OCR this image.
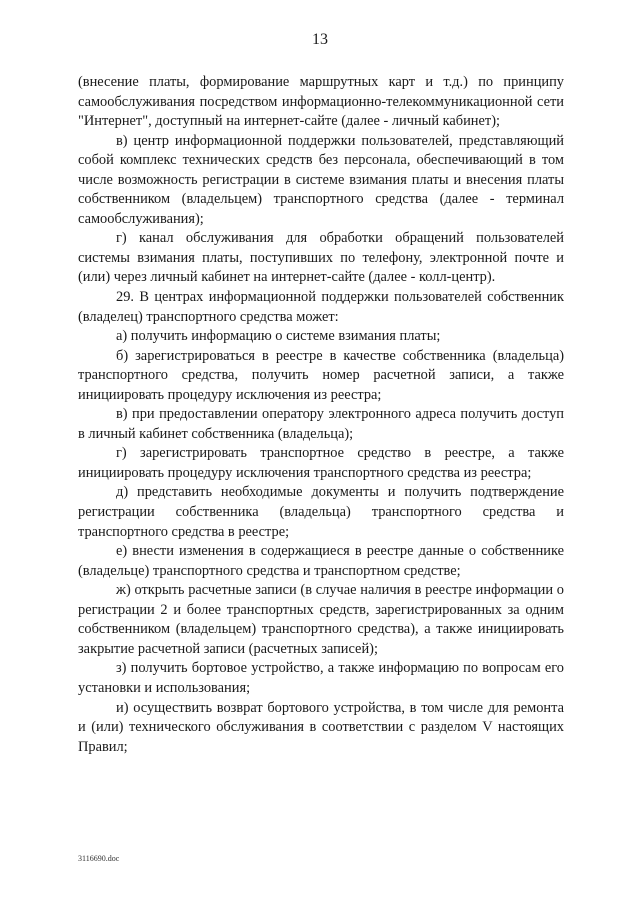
13

(внесение платы, формирование маршрутных карт и т.д.) по принципу самообслуживания посредством информационно-телекоммуникационной сети "Интернет", доступный на интернет-сайте (далее - личный кабинет);

в) центр информационной поддержки пользователей, представляющий собой комплекс технических средств без персонала, обеспечивающий в том числе возможность регистрации в системе взимания платы и внесения платы собственником (владельцем) транспортного средства (далее - терминал самообслуживания);

г) канал обслуживания для обработки обращений пользователей системы взимания платы, поступивших по телефону, электронной почте и (или) через личный кабинет на интернет-сайте (далее - колл-центр).

29. В центрах информационной поддержки пользователей собственник (владелец) транспортного средства может:

а) получить информацию о системе взимания платы;

б) зарегистрироваться в реестре в качестве собственника (владельца) транспортного средства, получить номер расчетной записи, а также инициировать процедуру исключения из реестра;

в) при предоставлении оператору электронного адреса получить доступ в личный кабинет собственника (владельца);

г) зарегистрировать транспортное средство в реестре, а также инициировать процедуру исключения транспортного средства из реестра;

д) представить необходимые документы и получить подтверждение регистрации собственника (владельца) транспортного средства и транспортного средства в реестре;

е) внести изменения в содержащиеся в реестре данные о собственнике (владельце) транспортного средства и транспортном средстве;

ж) открыть расчетные записи (в случае наличия в реестре информации о регистрации 2 и более транспортных средств, зарегистрированных за одним собственником (владельцем) транспортного средства), а также инициировать закрытие расчетной записи (расчетных записей);

з) получить бортовое устройство, а также информацию по вопросам его установки и использования;

и) осуществить возврат бортового устройства, в том числе для ремонта и (или) технического обслуживания в соответствии с разделом V настоящих Правил;

3116690.doc
